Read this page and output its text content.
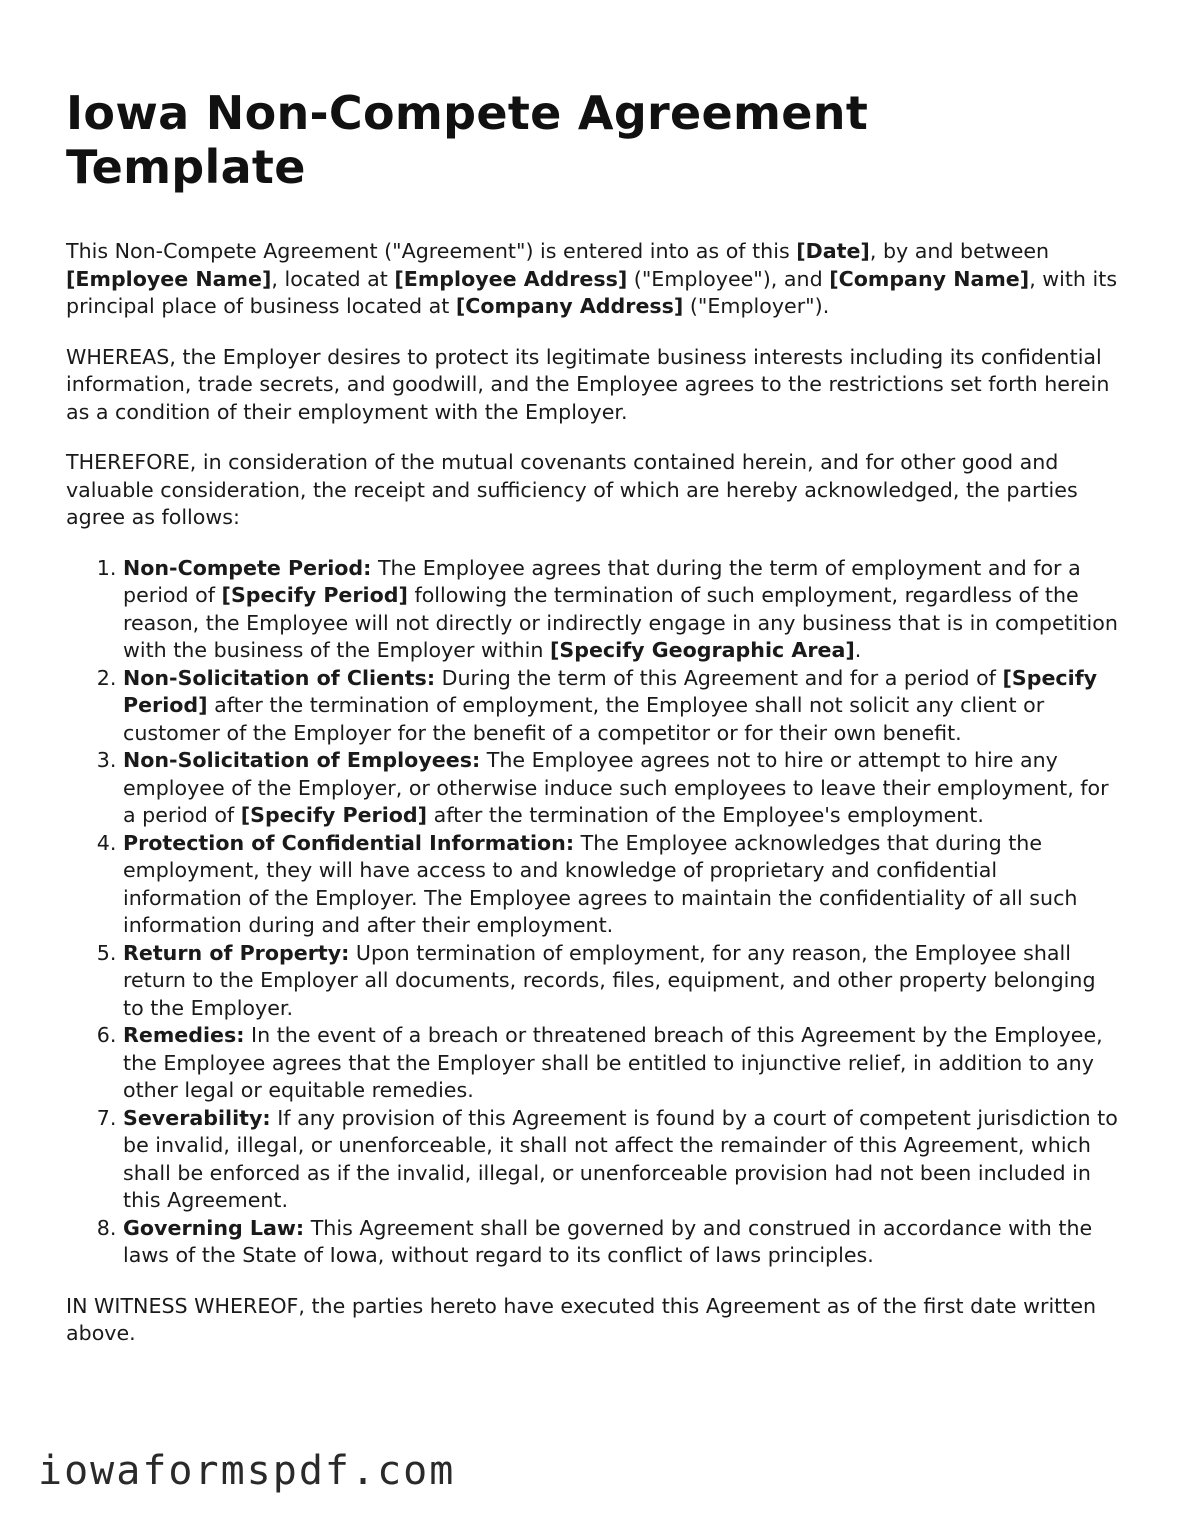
Iowa Non-Compete Agreement Template

This Non-Compete Agreement ("Agreement") is entered into as of this [Date], by and between [Employee Name], located at [Employee Address] ("Employee"), and [Company Name], with its principal place of business located at [Company Address] ("Employer").

WHEREAS, the Employer desires to protect its legitimate business interests including its confidential information, trade secrets, and goodwill, and the Employee agrees to the restrictions set forth herein as a condition of their employment with the Employer.

THEREFORE, in consideration of the mutual covenants contained herein, and for other good and valuable consideration, the receipt and sufficiency of which are hereby acknowledged, the parties agree as follows:

1. Non-Compete Period: The Employee agrees that during the term of employment and for a period of [Specify Period] following the termination of such employment, regardless of the reason, the Employee will not directly or indirectly engage in any business that is in competition with the business of the Employer within [Specify Geographic Area].
2. Non-Solicitation of Clients: During the term of this Agreement and for a period of [Specify Period] after the termination of employment, the Employee shall not solicit any client or customer of the Employer for the benefit of a competitor or for their own benefit.
3. Non-Solicitation of Employees: The Employee agrees not to hire or attempt to hire any employee of the Employer, or otherwise induce such employees to leave their employment, for a period of [Specify Period] after the termination of the Employee's employment.
4. Protection of Confidential Information: The Employee acknowledges that during the employment, they will have access to and knowledge of proprietary and confidential information of the Employer. The Employee agrees to maintain the confidentiality of all such information during and after their employment.
5. Return of Property: Upon termination of employment, for any reason, the Employee shall return to the Employer all documents, records, files, equipment, and other property belonging to the Employer.
6. Remedies: In the event of a breach or threatened breach of this Agreement by the Employee, the Employee agrees that the Employer shall be entitled to injunctive relief, in addition to any other legal or equitable remedies.
7. Severability: If any provision of this Agreement is found by a court of competent jurisdiction to be invalid, illegal, or unenforceable, it shall not affect the remainder of this Agreement, which shall be enforced as if the invalid, illegal, or unenforceable provision had not been included in this Agreement.
8. Governing Law: This Agreement shall be governed by and construed in accordance with the laws of the State of Iowa, without regard to its conflict of laws principles.

IN WITNESS WHEREOF, the parties hereto have executed this Agreement as of the first date written above.

iowaformspdf.com
